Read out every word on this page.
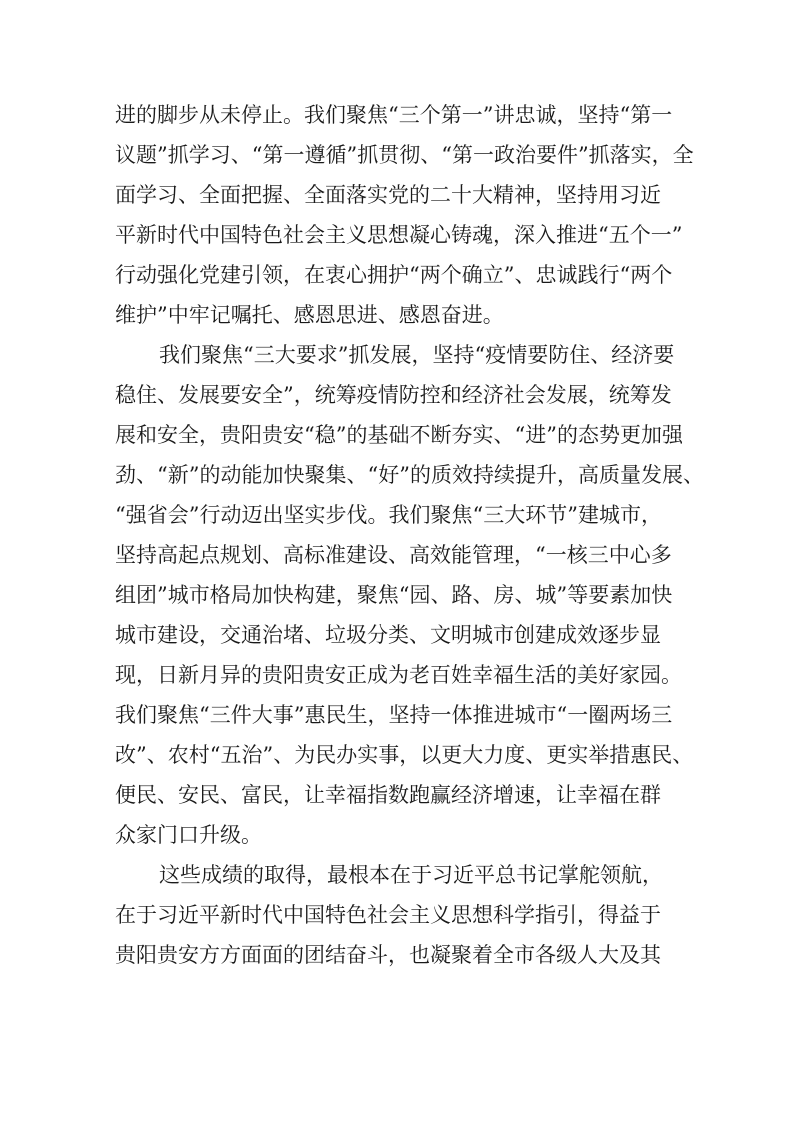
进的脚步从未停止。我们聚焦“三个第一”讲忠诚，坚持“第一
议题”抓学习、“第一遵循”抓贯彻、“第一政治要件”抓落实，全
面学习、全面把握、全面落实党的二十大精神，坚持用习近
平新时代中国特色社会主义思想凝心铸魂，深入推进“五个一”
行动强化党建引领，在衷心拥护“两个确立”、忠诚践行“两个
维护”中牢记嘱托、感恩思进、感恩奋进。
我们聚焦“三大要求”抓发展，坚持“疫情要防住、经济要
稳住、发展要安全”，统筹疫情防控和经济社会发展，统筹发
展和安全，贵阳贵安“稳”的基础不断夯实、“进”的态势更加强
劲、“新”的动能加快聚集、“好”的质效持续提升，高质量发展、
“强省会”行动迈出坚实步伐。我们聚焦“三大环节”建城市，
坚持高起点规划、高标准建设、高效能管理，“一核三中心多
组团”城市格局加快构建，聚焦“园、路、房、城”等要素加快
城市建设，交通治堵、垃圾分类、文明城市创建成效逐步显
现，日新月异的贵阳贵安正成为老百姓幸福生活的美好家园。
我们聚焦“三件大事”惠民生，坚持一体推进城市“一圈两场三
改”、农村“五治”、为民办实事，以更大力度、更实举措惠民、
便民、安民、富民，让幸福指数跑赢经济增速，让幸福在群
众家门口升级。
这些成绩的取得，最根本在于习近平总书记掌舵领航，
在于习近平新时代中国特色社会主义思想科学指引，得益于
贵阳贵安方方面面的团结奋斗，也凝聚着全市各级人大及其
